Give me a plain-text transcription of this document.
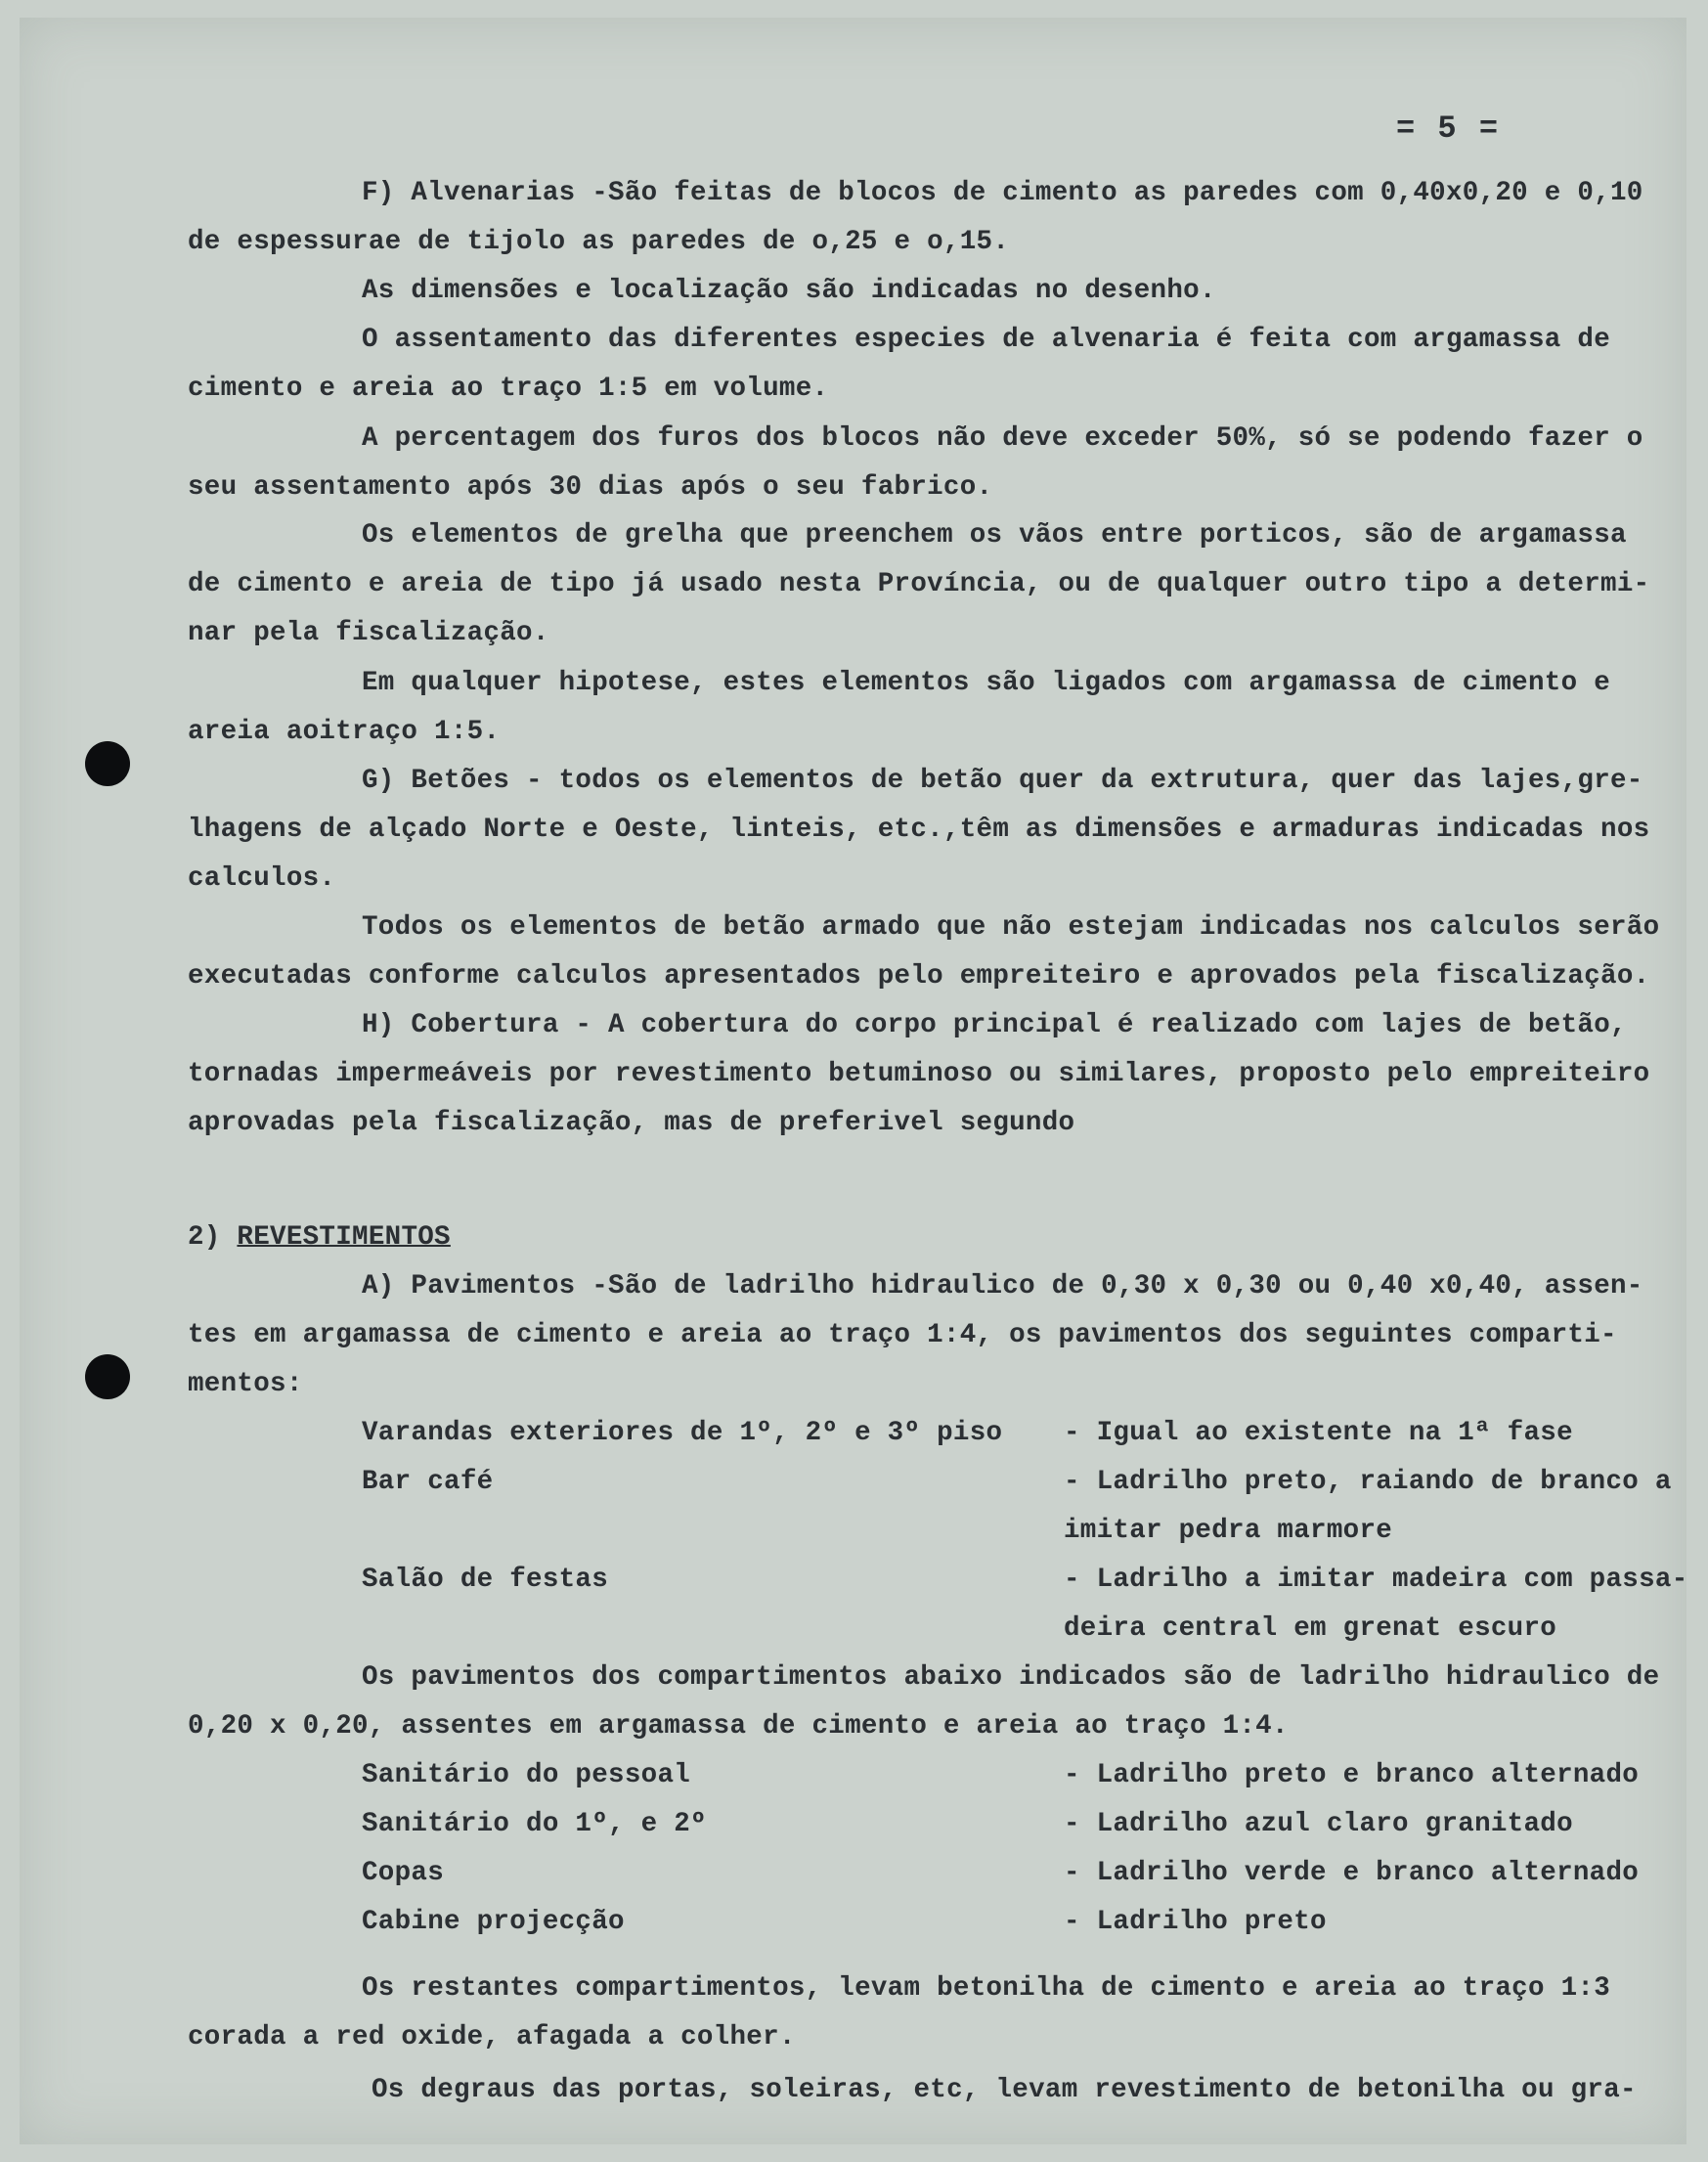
= 5 =
F) Alvenarias -São feitas de blocos de cimento as paredes com 0,40x0,20 e 0,10
de espessurae de tijolo as paredes de o,25 e o,15.
As dimensões e localização são indicadas no desenho.
O assentamento das diferentes especies de alvenaria é feita com argamassa de
cimento e areia ao traço 1:5 em volume.
A percentagem dos furos dos blocos não deve exceder 50%, só se podendo fazer o
seu assentamento após 30 dias após o seu fabrico.
Os elementos de grelha que preenchem os vãos entre porticos, são de argamassa
de cimento e areia de tipo já usado nesta Província, ou de qualquer outro tipo a determi-
nar pela fiscalização.
Em qualquer hipotese, estes elementos são ligados com argamassa de cimento e
areia aoitraço 1:5.
G) Betões - todos os elementos de betão quer da extrutura, quer das lajes,gre-
lhagens de alçado Norte e Oeste, linteis, etc.,têm as dimensões e armaduras indicadas nos
calculos.
Todos os elementos de betão armado que não estejam indicadas nos calculos serão
executadas conforme calculos apresentados pelo empreiteiro e aprovados pela fiscalização.
H) Cobertura - A cobertura do corpo principal é realizado com lajes de betão,
tornadas impermeáveis por revestimento betuminoso ou similares, proposto pelo empreiteiro
aprovadas pela fiscalização, mas de preferivel segundo
2) REVESTIMENTOS
A) Pavimentos -São de ladrilho hidraulico de 0,30 x 0,30 ou 0,40 x0,40, assen-
tes em argamassa de cimento e areia ao traço 1:4, os pavimentos dos seguintes comparti-
mentos:
Varandas exteriores de 1º, 2º e 3º piso - Igual ao existente na 1ª fase
Bar café	- Ladrilho preto, raiando de branco a
imitar pedra marmore
Salão de festas	- Ladrilho a imitar madeira com passa-
deira central em grenat escuro
Os pavimentos dos compartimentos abaixo indicados são de ladrilho hidraulico de
0,20 x 0,20, assentes em argamassa de cimento e areia ao traço 1:4.
Sanitário do pessoal	- Ladrilho preto e branco alternado
Sanitário do 1º, e 2º	- Ladrilho azul claro granitado
Copas	- Ladrilho verde e branco alternado
Cabine projecção	- Ladrilho preto
Os restantes compartimentos, levam betonilha de cimento e areia ao traço 1:3
corada a red oxide, afagada a colher.
Os degraus das portas, soleiras, etc, levam revestimento de betonilha ou gra-
